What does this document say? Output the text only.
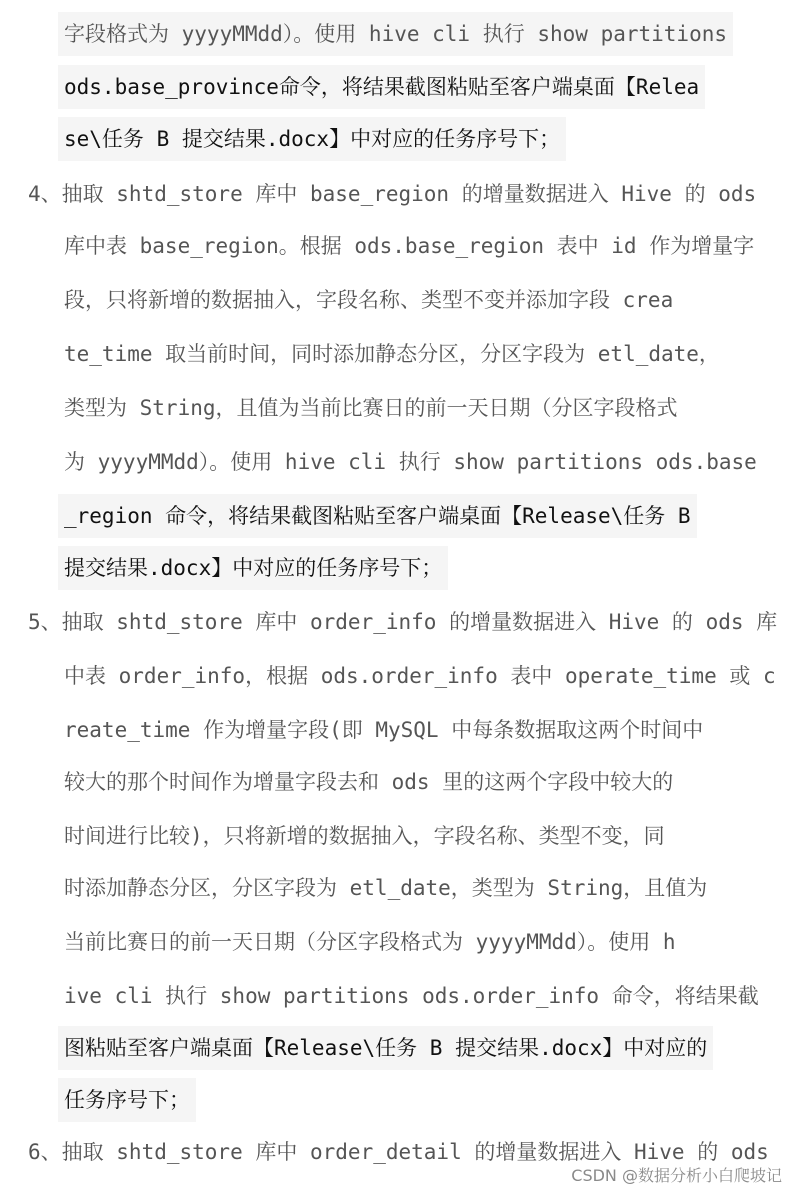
字段格式为 yyyyMMdd）。使用 hive cli 执行 show partitions
ods.base_province命令，将结果截图粘贴至客户端桌面【Relea
se\任务 B 提交结果.docx】中对应的任务序号下；
4、抽取 shtd_store 库中 base_region 的增量数据进入 Hive 的 ods
库中表 base_region。根据 ods.base_region 表中 id 作为增量字
段，只将新增的数据抽入，字段名称、类型不变并添加字段 crea
te_time 取当前时间，同时添加静态分区，分区字段为 etl_date，
类型为 String，且值为当前比赛日的前一天日期（分区字段格式
为 yyyyMMdd）。使用 hive cli 执行 show partitions ods.base
_region 命令，将结果截图粘贴至客户端桌面【Release\任务 B
提交结果.docx】中对应的任务序号下；
5、抽取 shtd_store 库中 order_info 的增量数据进入 Hive 的 ods 库
中表 order_info，根据 ods.order_info 表中 operate_time 或 c
reate_time 作为增量字段(即 MySQL 中每条数据取这两个时间中
较大的那个时间作为增量字段去和 ods 里的这两个字段中较大的
时间进行比较)，只将新增的数据抽入，字段名称、类型不变，同
时添加静态分区，分区字段为 etl_date，类型为 String，且值为
当前比赛日的前一天日期（分区字段格式为 yyyyMMdd）。使用 h
ive cli 执行 show partitions ods.order_info 命令，将结果截
图粘贴至客户端桌面【Release\任务 B 提交结果.docx】中对应的
任务序号下；
6、抽取 shtd_store 库中 order_detail 的增量数据进入 Hive 的 ods
CSDN @数据分析小白爬坡记
